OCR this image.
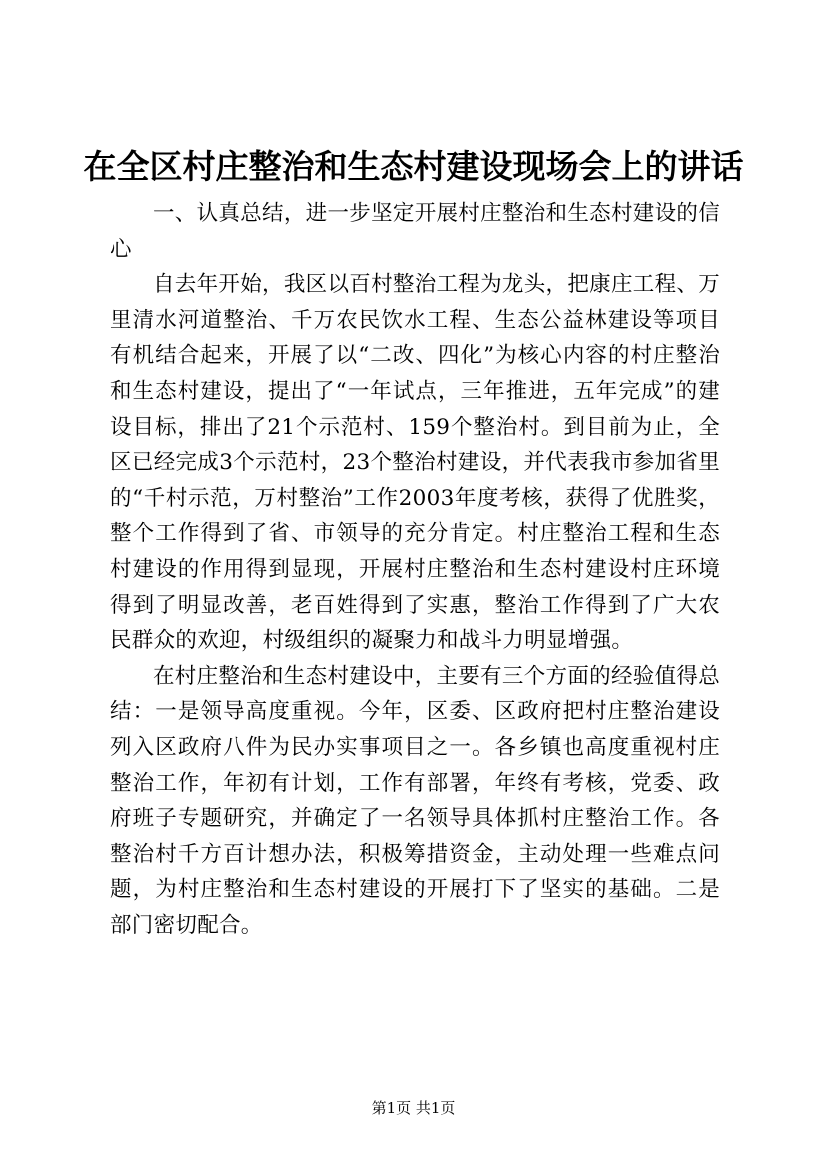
在全区村庄整治和生态村建设现场会上的讲话

一、认真总结，进一步坚定开展村庄整治和生态村建设的信心

自去年开始，我区以百村整治工程为龙头，把康庄工程、万里清水河道整治、千万农民饮水工程、生态公益林建设等项目有机结合起来，开展了以“二改、四化”为核心内容的村庄整治和生态村建设，提出了“一年试点，三年推进，五年完成”的建设目标，排出了21个示范村、159个整治村。到目前为止，全区已经完成3个示范村，23个整治村建设，并代表我市参加省里的“千村示范，万村整治”工作2003年度考核，获得了优胜奖，整个工作得到了省、市领导的充分肯定。村庄整治工程和生态村建设的作用得到显现，开展村庄整治和生态村建设村庄环境得到了明显改善，老百姓得到了实惠，整治工作得到了广大农民群众的欢迎，村级组织的凝聚力和战斗力明显增强。

在村庄整治和生态村建设中，主要有三个方面的经验值得总结：一是领导高度重视。今年，区委、区政府把村庄整治建设列入区政府八件为民办实事项目之一。各乡镇也高度重视村庄整治工作，年初有计划，工作有部署，年终有考核，党委、政府班子专题研究，并确定了一名领导具体抓村庄整治工作。各整治村千方百计想办法，积极筹措资金，主动处理一些难点问题，为村庄整治和生态村建设的开展打下了坚实的基础。二是部门密切配合。

第1页 共1页
